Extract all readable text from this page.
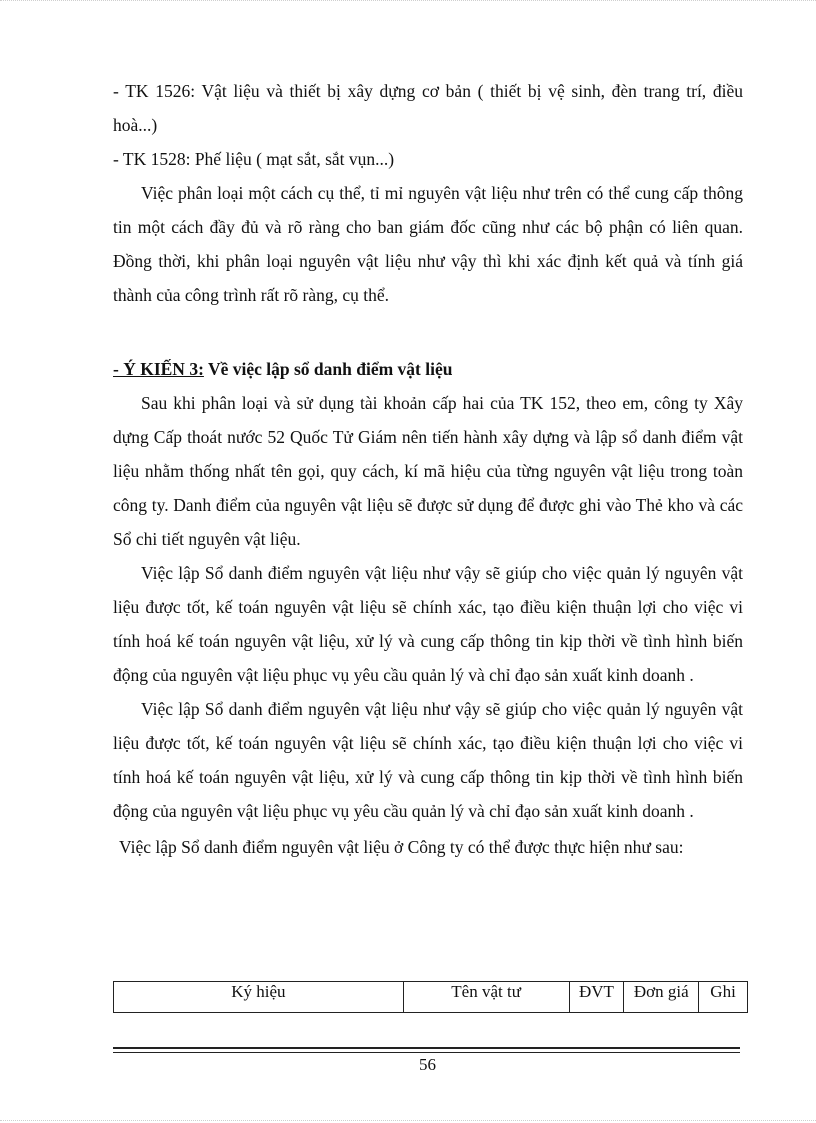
- TK 1526: Vật liệu và thiết bị xây dựng cơ bản ( thiết bị vệ sinh, đèn trang trí, điều hoà...)

- TK 1528: Phế liệu ( mạt sắt, sắt vụn...)

Việc phân loại một cách cụ thể, tỉ mỉ nguyên vật liệu như trên có thể cung cấp thông tin một cách đầy đủ và rõ ràng cho ban giám đốc cũng như các bộ phận có liên quan. Đồng thời, khi phân loại nguyên vật liệu như vậy thì khi xác định kết quả và tính giá thành của công trình rất rõ ràng, cụ thể.

- Ý KIẾN 3: Về việc lập sổ danh điểm vật liệu

Sau khi phân loại và sử dụng tài khoản cấp hai của TK 152, theo em, công ty Xây dựng Cấp thoát nước 52 Quốc Tử Giám nên tiến hành xây dựng và lập sổ danh điểm vật liệu nhằm thống nhất tên gọi, quy cách, kí mã hiệu của từng nguyên vật liệu trong toàn công ty. Danh điểm của nguyên vật liệu sẽ được sử dụng để được ghi vào Thẻ kho và các Sổ chi tiết nguyên vật liệu.

Việc lập Sổ danh điểm nguyên vật liệu như vậy sẽ giúp cho việc quản lý nguyên vật liệu được tốt, kế toán nguyên vật liệu sẽ chính xác, tạo điều kiện thuận lợi cho việc vi tính hoá kế toán nguyên vật liệu, xử lý và cung cấp thông tin kịp thời về tình hình biến động của nguyên vật liệu phục vụ yêu cầu quản lý và chỉ đạo sản xuất kinh doanh .

Việc lập Sổ danh điểm nguyên vật liệu như vậy sẽ giúp cho việc quản lý nguyên vật liệu được tốt, kế toán nguyên vật liệu sẽ chính xác, tạo điều kiện thuận lợi cho việc vi tính hoá kế toán nguyên vật liệu, xử lý và cung cấp thông tin kịp thời về tình hình biến động của nguyên vật liệu phục vụ yêu cầu quản lý và chỉ đạo sản xuất kinh doanh .

Việc lập Sổ danh điểm nguyên vật liệu ở Công ty có thể được thực hiện như sau:

Ký hiệu	Tên vật tư	ĐVT	Đơn giá	Ghi
56
